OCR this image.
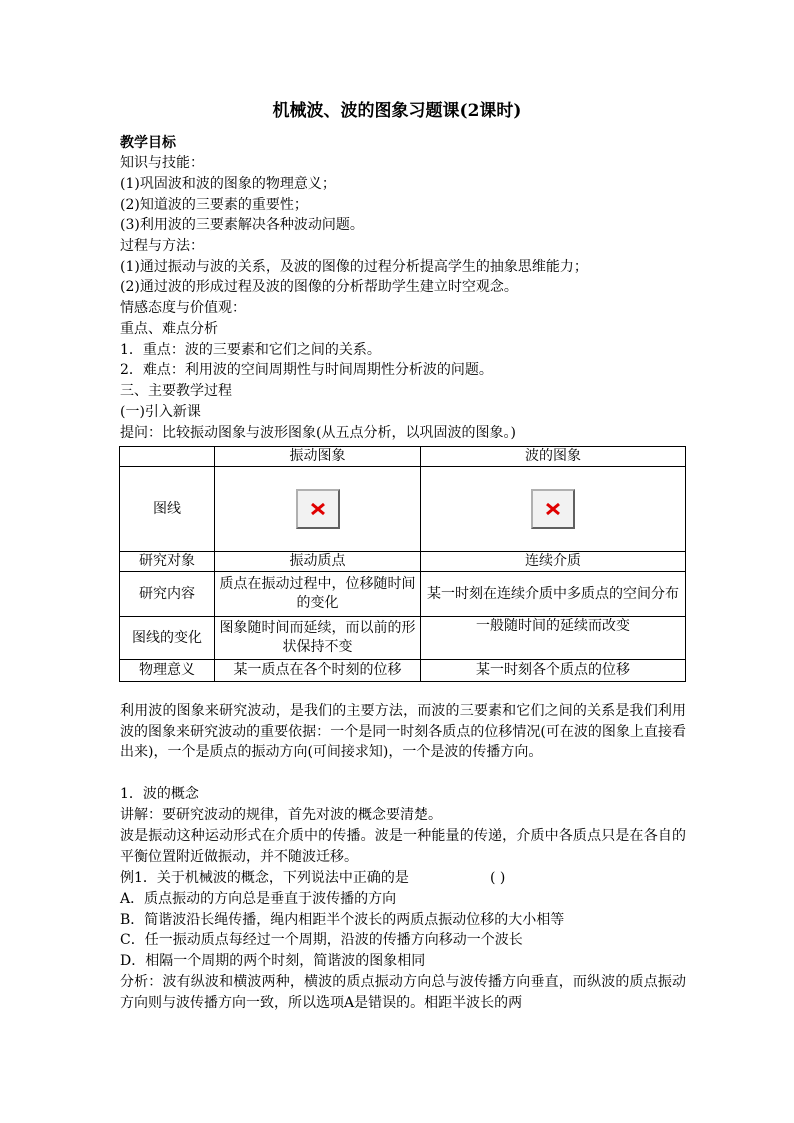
机械波、波的图象习题课(2课时)
教学目标
知识与技能：
(1)巩固波和波的图象的物理意义；
(2)知道波的三要素的重要性；
(3)利用波的三要素解决各种波动问题。
过程与方法：
(1)通过振动与波的关系，及波的图像的过程分析提高学生的抽象思维能力；
(2)通过波的形成过程及波的图像的分析帮助学生建立时空观念。
情感态度与价值观：
重点、难点分析
1．重点：波的三要素和它们之间的关系。
2．难点：利用波的空间周期性与时间周期性分析波的问题。
三、主要教学过程
(一)引入新课
提问：比较振动图象与波形图象(从五点分析，以巩固波的图象。)
	振动图象	波的图象
图线	

研究对象	振动质点	连续介质
研究内容	质点在振动过程中，位移随时间的变化	某一时刻在连续介质中多质点的空间分布
图线的变化	图象随时间而延续，而以前的形状保持不变	一般随时间的延续而改变
物理意义	某一质点在各个时刻的位移	某一时刻各个质点的位移
利用波的图象来研究波动，是我们的主要方法，而波的三要素和它们之间的关系是我们利用波的图象来研究波动的重要依据：一个是同一时刻各质点的位移情况(可在波的图象上直接看出来)，一个是质点的振动方向(可间接求知)，一个是波的传播方向。
1．波的概念
讲解：要研究波动的规律，首先对波的概念要清楚。
波是振动这种运动形式在介质中的传播。波是一种能量的传递，介质中各质点只是在各自的平衡位置附近做振动，并不随波迁移。
例1．关于机械波的概念，下列说法中正确的是	( )
A．质点振动的方向总是垂直于波传播的方向
B．简谐波沿长绳传播，绳内相距半个波长的两质点振动位移的大小相等
C．任一振动质点每经过一个周期，沿波的传播方向移动一个波长
D．相隔一个周期的两个时刻，简谐波的图象相同
分析：波有纵波和横波两种，横波的质点振动方向总与波传播方向垂直，而纵波的质点振动方向则与波传播方向一致，所以选项A是错误的。相距半波长的两
